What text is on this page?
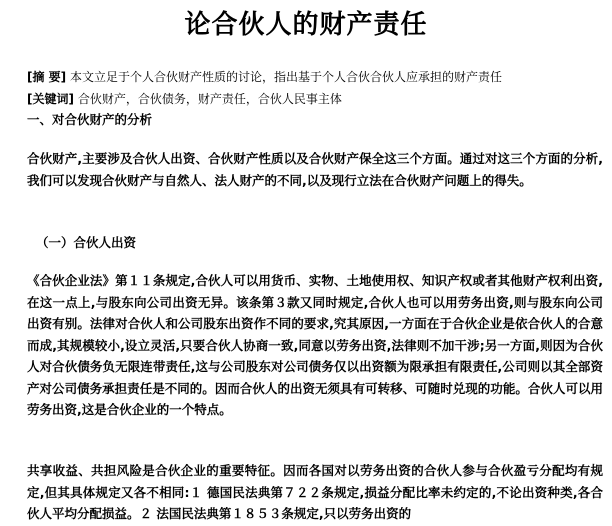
论合伙人的财产责任
[摘 要] 本文立足于个人合伙财产性质的讨论，指出基于个人合伙合伙人应承担的财产责任
[关键词] 合伙财产，合伙债务，财产责任，合伙人民事主体
一、对合伙财产的分析
合伙财产,主要涉及合伙人出资、合伙财产性质以及合伙财产保全这三个方面。通过对这三个方面的分析,我们可以发现合伙财产与自然人、法人财产的不同,以及现行立法在合伙财产问题上的得失。
（一）合伙人出资
《合伙企业法》第１１条规定,合伙人可以用货币、实物、土地使用权、知识产权或者其他财产权利出资,在这一点上,与股东向公司出资无异。该条第３款又同时规定,合伙人也可以用劳务出资,则与股东向公司出资有别。法律对合伙人和公司股东出资作不同的要求,究其原因,一方面在于合伙企业是依合伙人的合意而成,其规模较小,设立灵活,只要合伙人协商一致,同意以劳务出资,法律则不加干涉;另一方面,则因为合伙人对合伙债务负无限连带责任,这与公司股东对公司债务仅以出资额为限承担有限责任,公司则以其全部资产对公司债务承担责任是不同的。因而合伙人的出资无须具有可转移、可随时兑现的功能。合伙人可以用劳务出资,这是合伙企业的一个特点。
共享收益、共担风险是合伙企业的重要特征。因而各国对以劳务出资的合伙人参与合伙盈亏分配均有规定,但其具体规定又各不相同:１ 德国民法典第７２２条规定,损益分配比率未约定的,不论出资种类,各合伙人平均分配损益。２ 法国民法典第１８５３条规定,只以劳务出资的
